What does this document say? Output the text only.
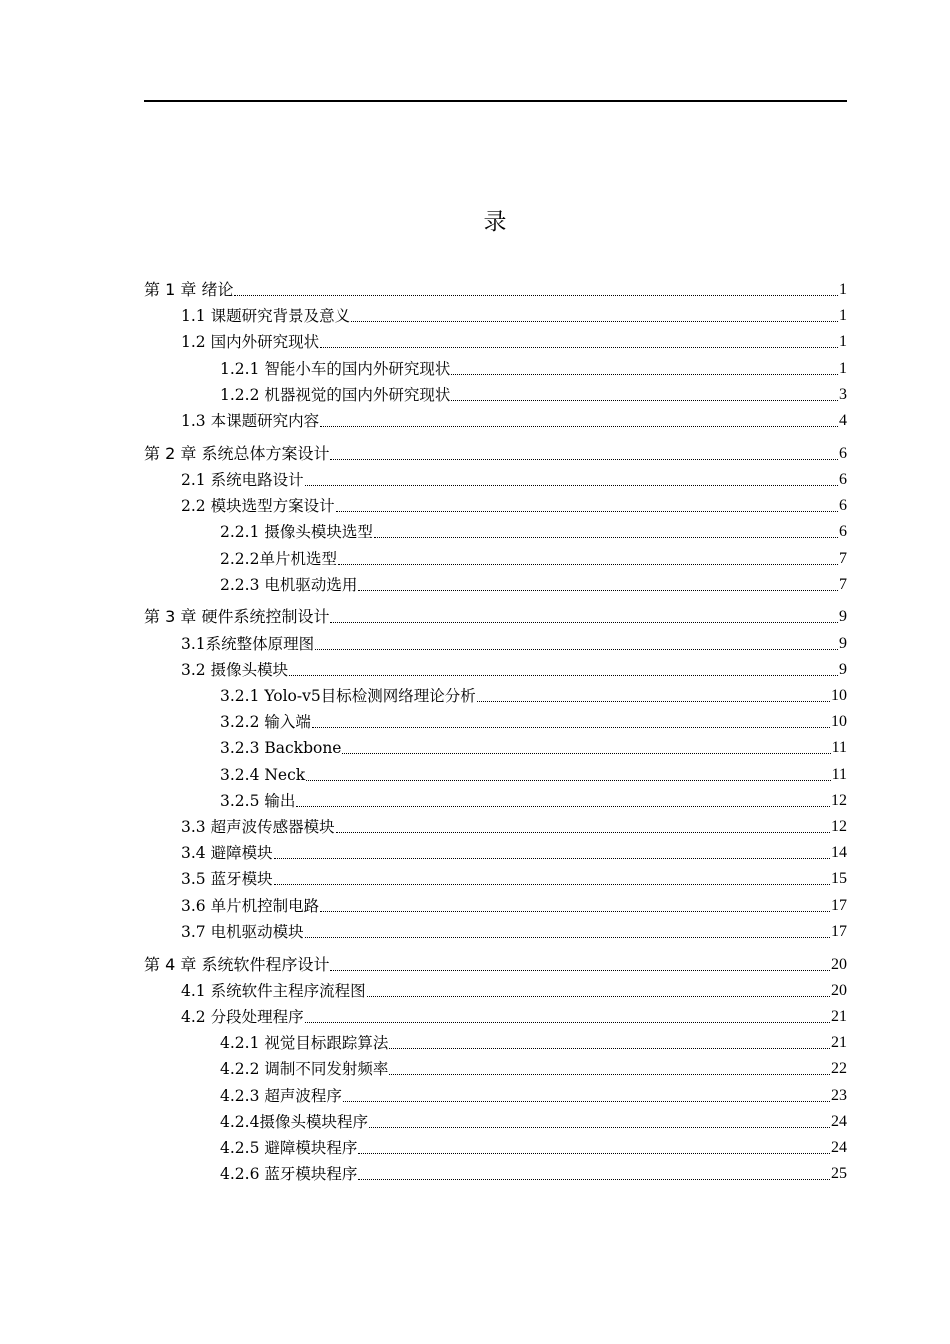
录
第 1 章 绪论	1
1.1 课题研究背景及意义	1
1.2 国内外研究现状	1
1.2.1 智能小车的国内外研究现状	1
1.2.2 机器视觉的国内外研究现状	3
1.3 本课题研究内容	4
第 2 章 系统总体方案设计	6
2.1 系统电路设计	6
2.2 模块选型方案设计	6
2.2.1 摄像头模块选型	6
2.2.2单片机选型	7
2.2.3 电机驱动选用	7
第 3 章 硬件系统控制设计	9
3.1系统整体原理图	9
3.2 摄像头模块	9
3.2.1 Yolo-v5目标检测网络理论分析	10
3.2.2 输入端	10
3.2.3 Backbone	11
3.2.4 Neck	11
3.2.5 输出	12
3.3 超声波传感器模块	12
3.4 避障模块	14
3.5 蓝牙模块	15
3.6 单片机控制电路	17
3.7 电机驱动模块	17
第 4 章 系统软件程序设计	20
4.1 系统软件主程序流程图	20
4.2 分段处理程序	21
4.2.1 视觉目标跟踪算法	21
4.2.2 调制不同发射频率	22
4.2.3 超声波程序	23
4.2.4摄像头模块程序	24
4.2.5 避障模块程序	24
4.2.6 蓝牙模块程序	25
